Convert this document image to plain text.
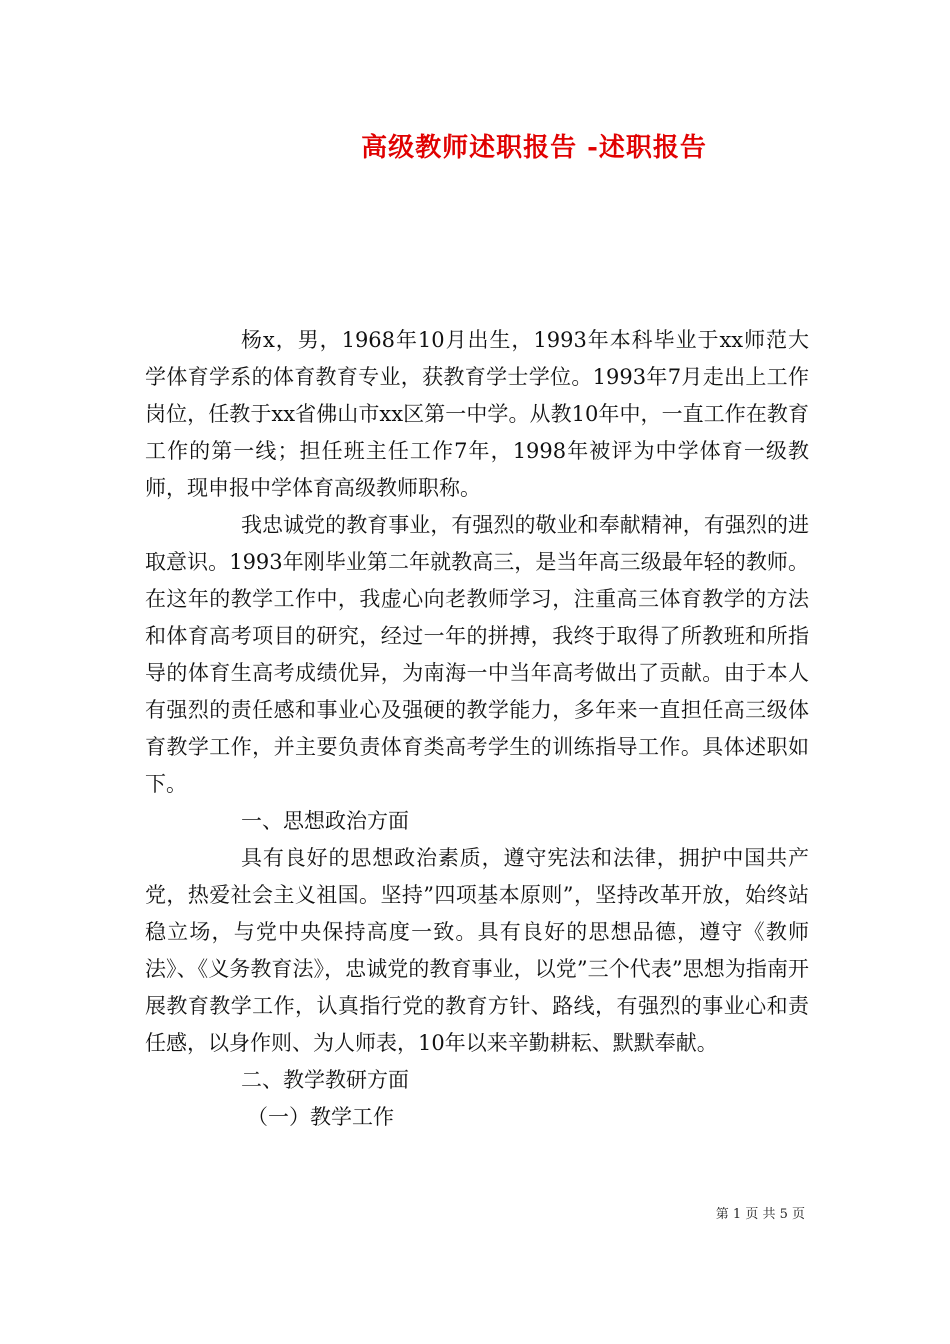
高级教师述职报告 -述职报告

杨x，男，1968年10月出生，1993年本科毕业于xx师范大学体育学系的体育教育专业，获教育学士学位。1993年7月走出上工作岗位，任教于xx省佛山市xx区第一中学。从教10年中，一直工作在教育工作的第一线；担任班主任工作7年，1998年被评为中学体育一级教师，现申报中学体育高级教师职称。

我忠诚党的教育事业，有强烈的敬业和奉献精神，有强烈的进取意识。1993年刚毕业第二年就教高三，是当年高三级最年轻的教师。在这年的教学工作中，我虚心向老教师学习，注重高三体育教学的方法和体育高考项目的研究，经过一年的拼搏，我终于取得了所教班和所指导的体育生高考成绩优异，为南海一中当年高考做出了贡献。由于本人有强烈的责任感和事业心及强硬的教学能力，多年来一直担任高三级体育教学工作，并主要负责体育类高考学生的训练指导工作。具体述职如下。

一、思想政治方面

具有良好的思想政治素质，遵守宪法和法律，拥护中国共产党，热爱社会主义祖国。坚持”四项基本原则”，坚持改革开放，始终站稳立场，与党中央保持高度一致。具有良好的思想品德，遵守《教师法》、《义务教育法》，忠诚党的教育事业，以党”三个代表”思想为指南开展教育教学工作，认真指行党的教育方针、路线，有强烈的事业心和责任感，以身作则、为人师表，10年以来辛勤耕耘、默默奉献。

二、教学教研方面

（一）教学工作

第 1 页 共 5 页
